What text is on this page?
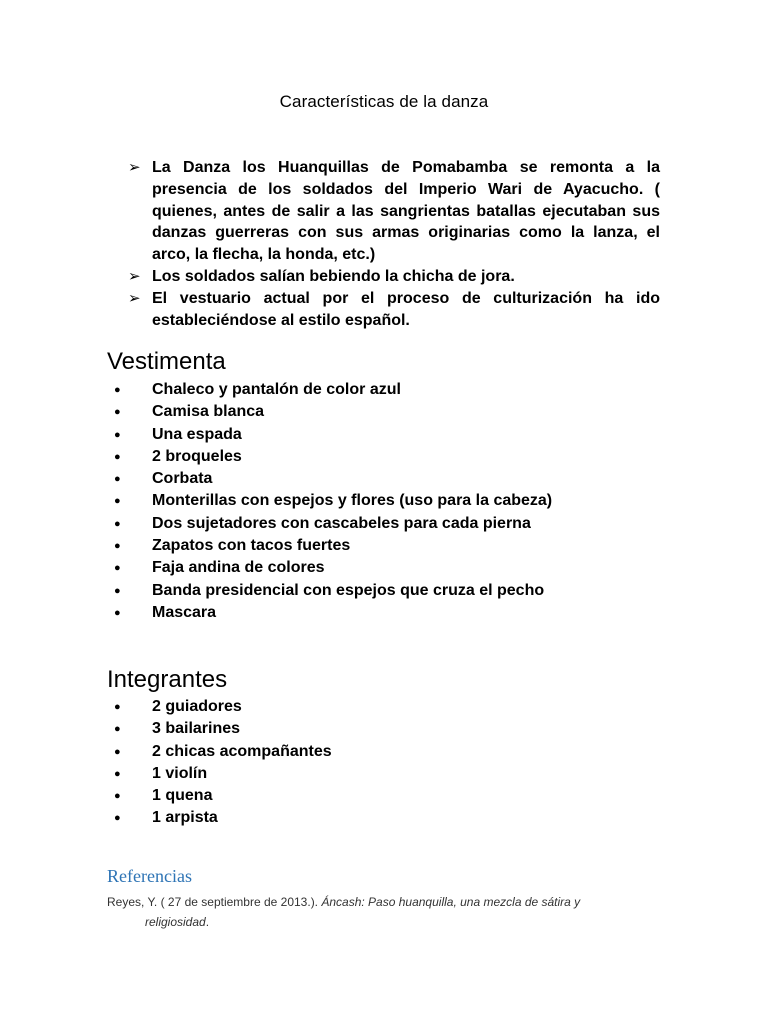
Características de la danza
➢ La Danza los Huanquillas de Pomabamba se remonta a la presencia de los soldados del Imperio Wari de Ayacucho. ( quienes, antes de salir a las sangrientas batallas ejecutaban sus danzas guerreras con sus armas originarias como la lanza, el arco, la flecha, la honda, etc.)
➢ Los soldados salían bebiendo la chicha de jora.
➢ El vestuario actual por el proceso de culturización ha ido estableciéndose al estilo español.
Vestimenta
● Chaleco y pantalón de color azul
● Camisa blanca
● Una espada
● 2 broqueles
● Corbata
● Monterillas con espejos y flores (uso para la cabeza)
● Dos sujetadores con cascabeles para cada pierna
● Zapatos con tacos fuertes
● Faja andina de colores
● Banda presidencial con espejos que cruza el pecho
● Mascara
Integrantes
● 2 guiadores
● 3 bailarines
● 2 chicas acompañantes
● 1 violín
● 1 quena
● 1 arpista
Referencias
Reyes, Y. ( 27 de septiembre de 2013.). Áncash: Paso huanquilla, una mezcla de sátira y
religiosidad.
